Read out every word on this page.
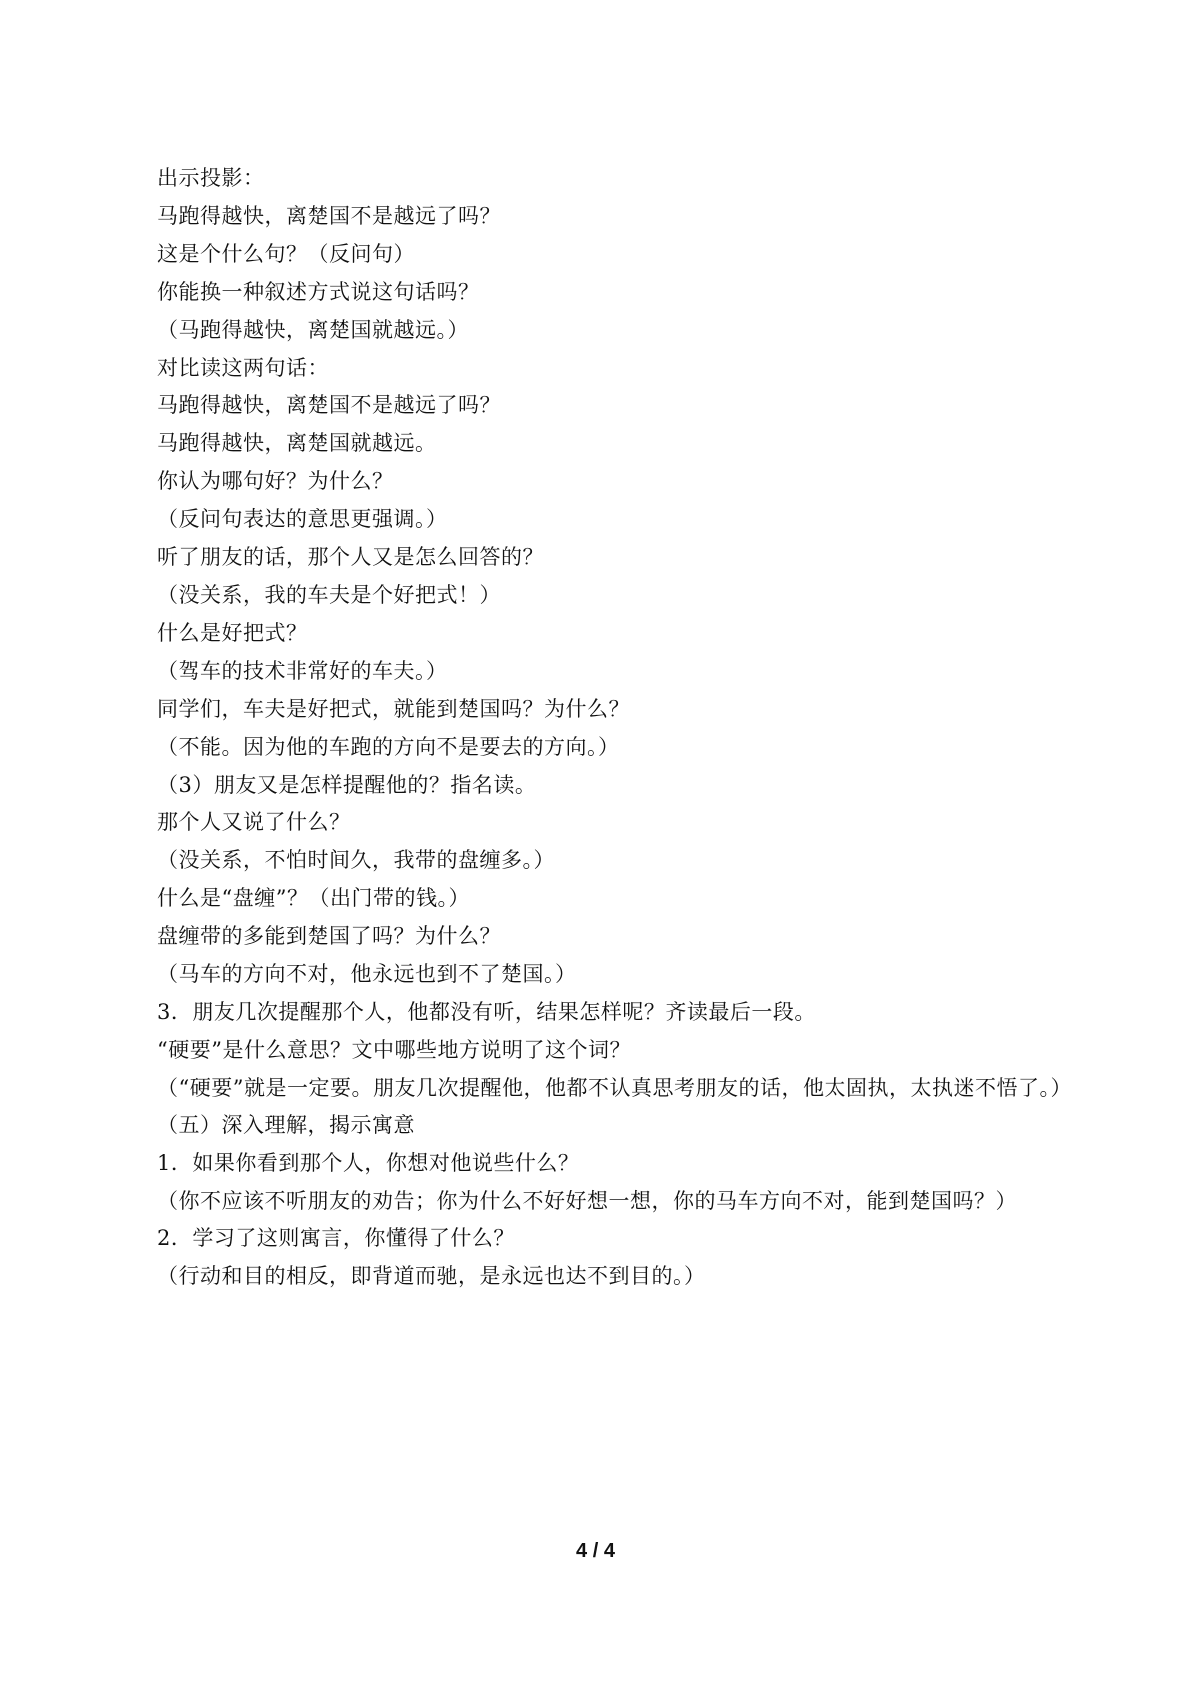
出示投影：

马跑得越快，离楚国不是越远了吗？

这是个什么句？（反问句）

你能换一种叙述方式说这句话吗？

（马跑得越快，离楚国就越远。）

对比读这两句话：

马跑得越快，离楚国不是越远了吗？

马跑得越快，离楚国就越远。

你认为哪句好？为什么？

（反问句表达的意思更强调。）

听了朋友的话，那个人又是怎么回答的？

（没关系，我的车夫是个好把式！）

什么是好把式？

（驾车的技术非常好的车夫。）

同学们，车夫是好把式，就能到楚国吗？为什么？

（不能。因为他的车跑的方向不是要去的方向。）

（3）朋友又是怎样提醒他的？指名读。

那个人又说了什么？

（没关系，不怕时间久，我带的盘缠多。）

什么是“盘缠”？（出门带的钱。）

盘缠带的多能到楚国了吗？为什么？

（马车的方向不对，他永远也到不了楚国。）

3．朋友几次提醒那个人，他都没有听，结果怎样呢？齐读最后一段。

“硬要”是什么意思？文中哪些地方说明了这个词？

（“硬要”就是一定要。朋友几次提醒他，他都不认真思考朋友的话，他太固执，太执迷不悟了。）

（五）深入理解，揭示寓意

1．如果你看到那个人，你想对他说些什么？

（你不应该不听朋友的劝告；你为什么不好好想一想，你的马车方向不对，能到楚国吗？）

2．学习了这则寓言，你懂得了什么？

（行动和目的相反，即背道而驰，是永远也达不到目的。）

4 / 4
